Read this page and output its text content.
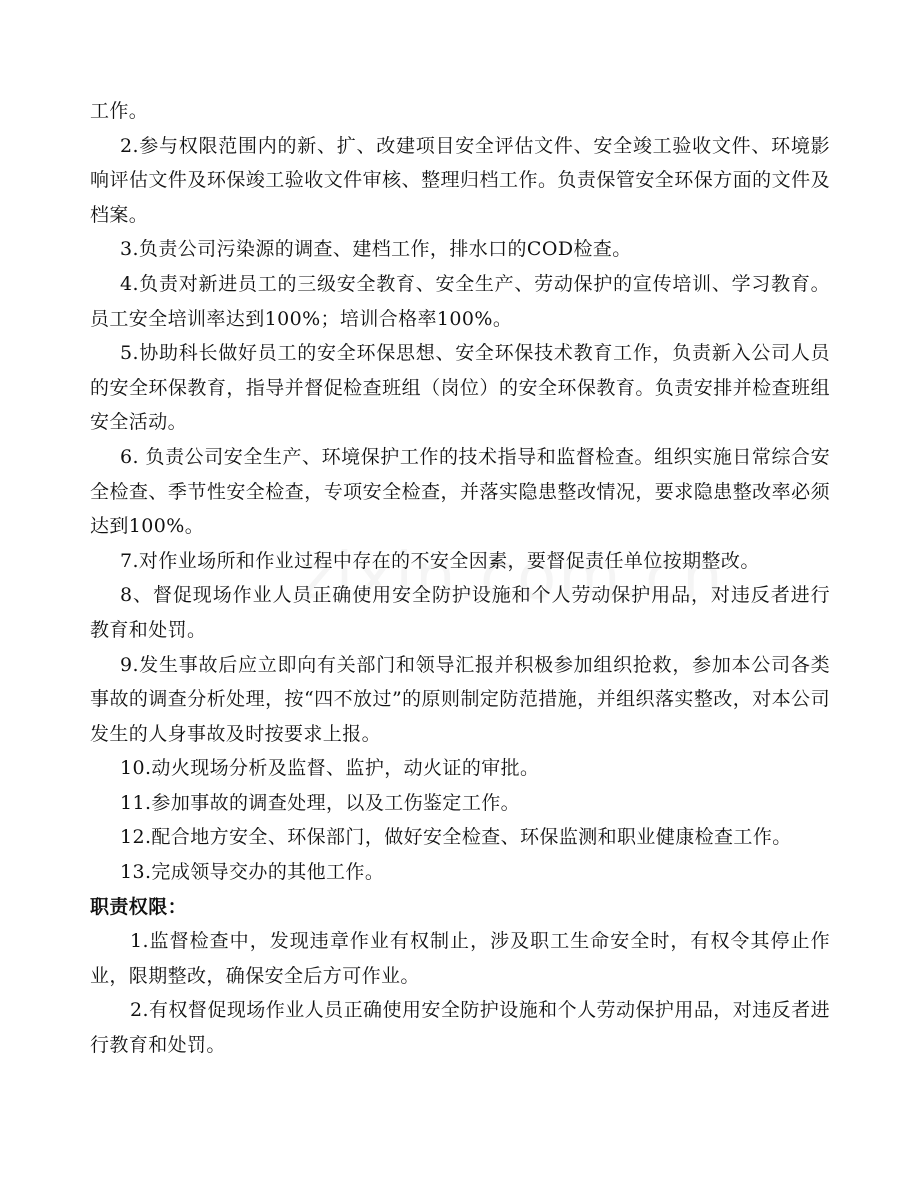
工作。

2.参与权限范围内的新、扩、改建项目安全评估文件、安全竣工验收文件、环境影响评估文件及环保竣工验收文件审核、整理归档工作。负责保管安全环保方面的文件及档案。

3.负责公司污染源的调查、建档工作，排水口的COD检查。

4.负责对新进员工的三级安全教育、安全生产、劳动保护的宣传培训、学习教育。员工安全培训率达到100%；培训合格率100%。

5.协助科长做好员工的安全环保思想、安全环保技术教育工作，负责新入公司人员的安全环保教育，指导并督促检查班组（岗位）的安全环保教育。负责安排并检查班组安全活动。

6. 负责公司安全生产、环境保护工作的技术指导和监督检查。组织实施日常综合安全检查、季节性安全检查，专项安全检查，并落实隐患整改情况，要求隐患整改率必须达到100%。

7.对作业场所和作业过程中存在的不安全因素，要督促责任单位按期整改。

8、督促现场作业人员正确使用安全防护设施和个人劳动保护用品，对违反者进行教育和处罚。

9.发生事故后应立即向有关部门和领导汇报并积极参加组织抢救，参加本公司各类事故的调查分析处理，按“四不放过”的原则制定防范措施，并组织落实整改，对本公司发生的人身事故及时按要求上报。

10.动火现场分析及监督、监护，动火证的审批。

11.参加事故的调查处理，以及工伤鉴定工作。

12.配合地方安全、环保部门，做好安全检查、环保监测和职业健康检查工作。

13.完成领导交办的其他工作。

职责权限：

1.监督检查中，发现违章作业有权制止，涉及职工生命安全时，有权令其停止作业，限期整改，确保安全后方可作业。

2.有权督促现场作业人员正确使用安全防护设施和个人劳动保护用品，对违反者进行教育和处罚。
